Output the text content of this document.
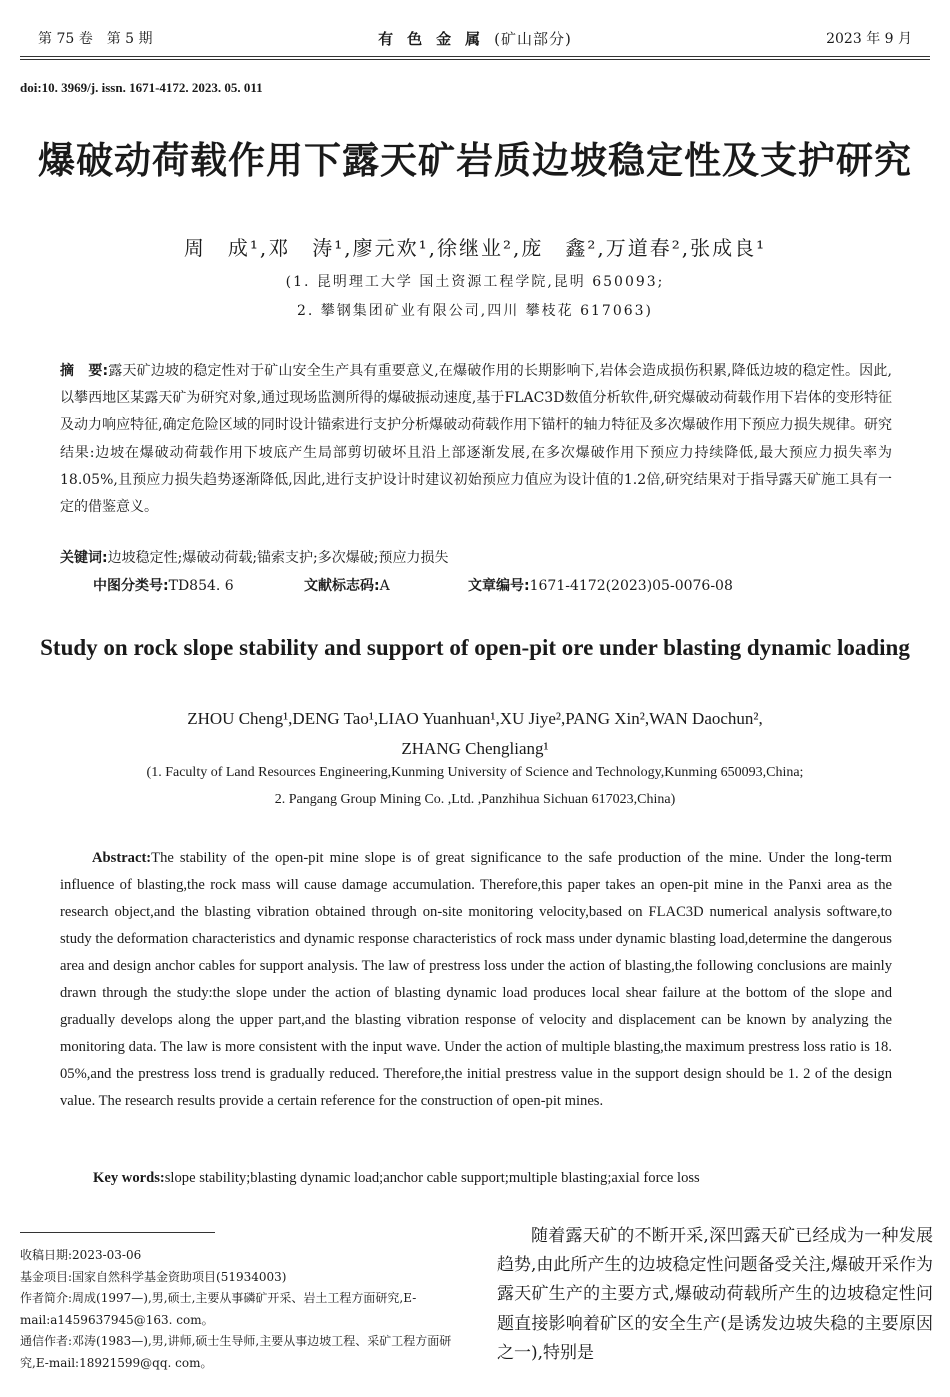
第 75 卷　第 5 期	有色金属(矿山部分)	2023 年 9 月
doi:10. 3969/j. issn. 1671-4172. 2023. 05. 011
爆破动荷载作用下露天矿岩质边坡稳定性及支护研究
周　成¹,邓　涛¹,廖元欢¹,徐继业²,庞　鑫²,万道春²,张成良¹
(1. 昆明理工大学 国土资源工程学院,昆明 650093;
2. 攀钢集团矿业有限公司,四川 攀枝花 617063)
摘　要:露天矿边坡的稳定性对于矿山安全生产具有重要意义,在爆破作用的长期影响下,岩体会造成损伤积累,降低边坡的稳定性。因此,以攀西地区某露天矿为研究对象,通过现场监测所得的爆破振动速度,基于FLAC3D数值分析软件,研究爆破动荷载作用下岩体的变形特征及动力响应特征,确定危险区域的同时设计锚索进行支护分析爆破动荷载作用下锚杆的轴力特征及多次爆破作用下预应力损失规律。研究结果:边坡在爆破动荷载作用下坡底产生局部剪切破坏且沿上部逐渐发展,在多次爆破作用下预应力持续降低,最大预应力损失率为18.05%,且预应力损失趋势逐渐降低,因此,进行支护设计时建议初始预应力值应为设计值的1.2倍,研究结果对于指导露天矿施工具有一定的借鉴意义。
关键词:边坡稳定性;爆破动荷载;锚索支护;多次爆破;预应力损失
中图分类号:TD854. 6	文献标志码:A	文章编号:1671-4172(2023)05-0076-08
Study on rock slope stability and support of open-pit ore under blasting dynamic loading
ZHOU Cheng¹,DENG Tao¹,LIAO Yuanhuan¹,XU Jiye²,PANG Xin²,WAN Daochun²,
ZHANG Chengliang¹
(1. Faculty of Land Resources Engineering,Kunming University of Science and Technology,Kunming 650093,China;
2. Pangang Group Mining Co. ,Ltd. ,Panzhihua Sichuan 617023,China)

Abstract:The stability of the open-pit mine slope is of great significance to the safe production of the mine. Under the long-term influence of blasting,the rock mass will cause damage accumulation. Therefore,this paper takes an open-pit mine in the Panxi area as the research object,and the blasting vibration obtained through on-site monitoring velocity,based on FLAC3D numerical analysis software,to study the deformation characteristics and dynamic response characteristics of rock mass under dynamic blasting load,determine the dangerous area and design anchor cables for support analysis. The law of prestress loss under the action of blasting,the following conclusions are mainly drawn through the study:the slope under the action of blasting dynamic load produces local shear failure at the bottom of the slope and gradually develops along the upper part,and the blasting vibration response of velocity and displacement can be known by analyzing the monitoring data. The law is more consistent with the input wave. Under the action of multiple blasting,the maximum prestress loss ratio is 18. 05%,and the prestress loss trend is gradually reduced. Therefore,the initial prestress value in the support design should be 1. 2 of the design value. The research results provide a certain reference for the construction of open-pit mines.

Key words:slope stability;blasting dynamic load;anchor cable support;multiple blasting;axial force loss
收稿日期:2023-03-06
基金项目:国家自然科学基金资助项目(51934003)
作者简介:周成(1997—),男,硕士,主要从事磷矿开采、岩土工程方面研究,E-mail:a1459637945@163. com。
通信作者:邓涛(1983—),男,讲师,硕士生导师,主要从事边坡工程、采矿工程方面研究,E-mail:18921599@qq. com。

随着露天矿的不断开采,深凹露天矿已经成为一种发展趋势,由此所产生的边坡稳定性问题备受关注,爆破开采作为露天矿生产的主要方式,爆破动荷载所产生的边坡稳定性问题直接影响着矿区的安全生产(是诱发边坡失稳的主要原因之一),特别是
